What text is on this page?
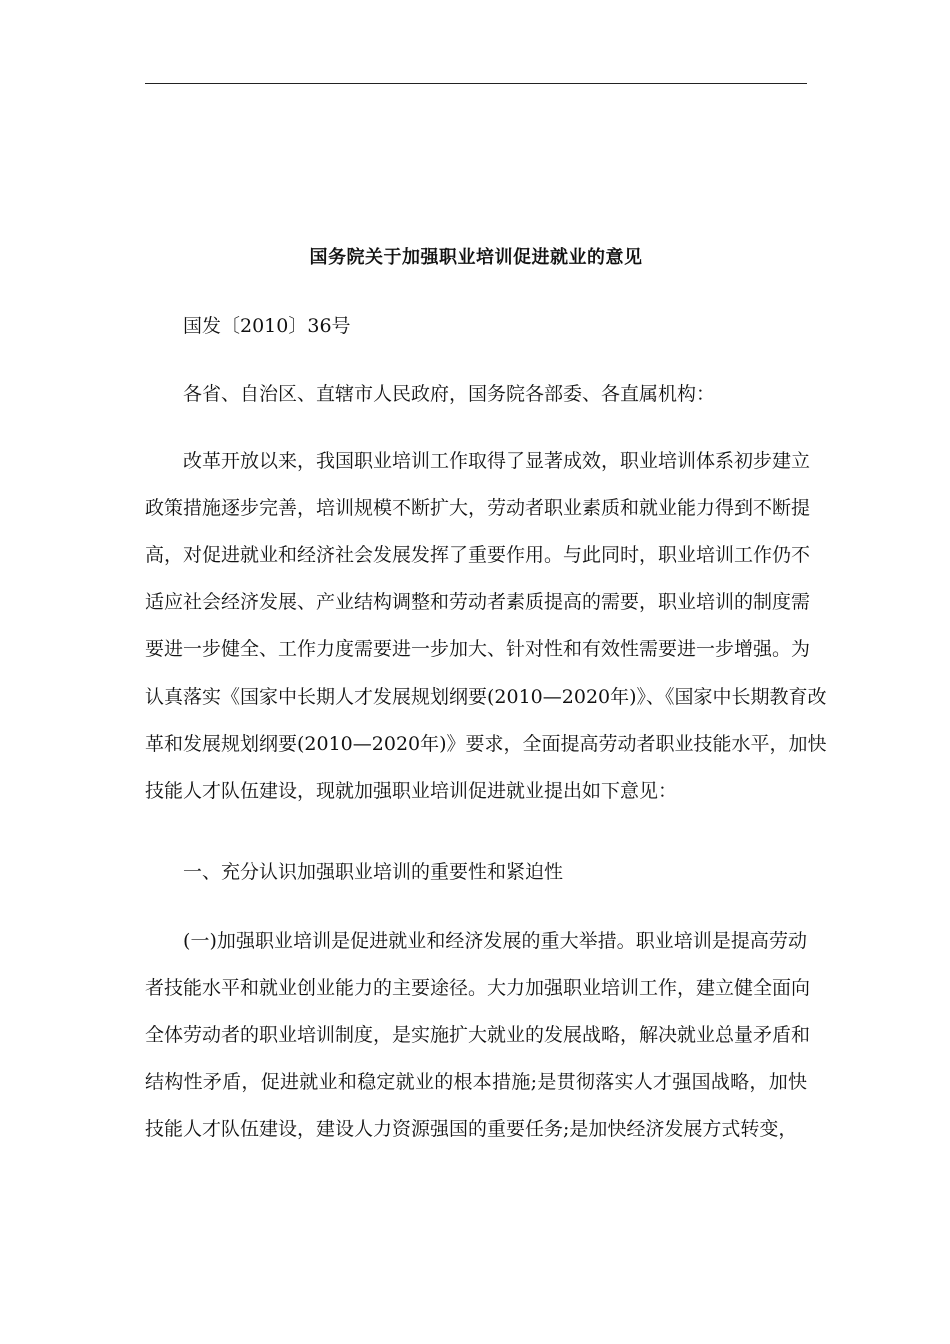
国务院关于加强职业培训促进就业的意见
国发〔2010〕36号
各省、自治区、直辖市人民政府，国务院各部委、各直属机构：
改革开放以来，我国职业培训工作取得了显著成效，职业培训体系初步建立
政策措施逐步完善，培训规模不断扩大，劳动者职业素质和就业能力得到不断提
高，对促进就业和经济社会发展发挥了重要作用。与此同时，职业培训工作仍不
适应社会经济发展、产业结构调整和劳动者素质提高的需要，职业培训的制度需
要进一步健全、工作力度需要进一步加大、针对性和有效性需要进一步增强。为
认真落实《国家中长期人才发展规划纲要(2010—2020年)》、《国家中长期教育改
革和发展规划纲要(2010—2020年)》要求，全面提高劳动者职业技能水平，加快
技能人才队伍建设，现就加强职业培训促进就业提出如下意见：
一、充分认识加强职业培训的重要性和紧迫性
(一)加强职业培训是促进就业和经济发展的重大举措。职业培训是提高劳动
者技能水平和就业创业能力的主要途径。大力加强职业培训工作，建立健全面向
全体劳动者的职业培训制度，是实施扩大就业的发展战略，解决就业总量矛盾和
结构性矛盾，促进就业和稳定就业的根本措施;是贯彻落实人才强国战略，加快
技能人才队伍建设，建设人力资源强国的重要任务;是加快经济发展方式转变，
